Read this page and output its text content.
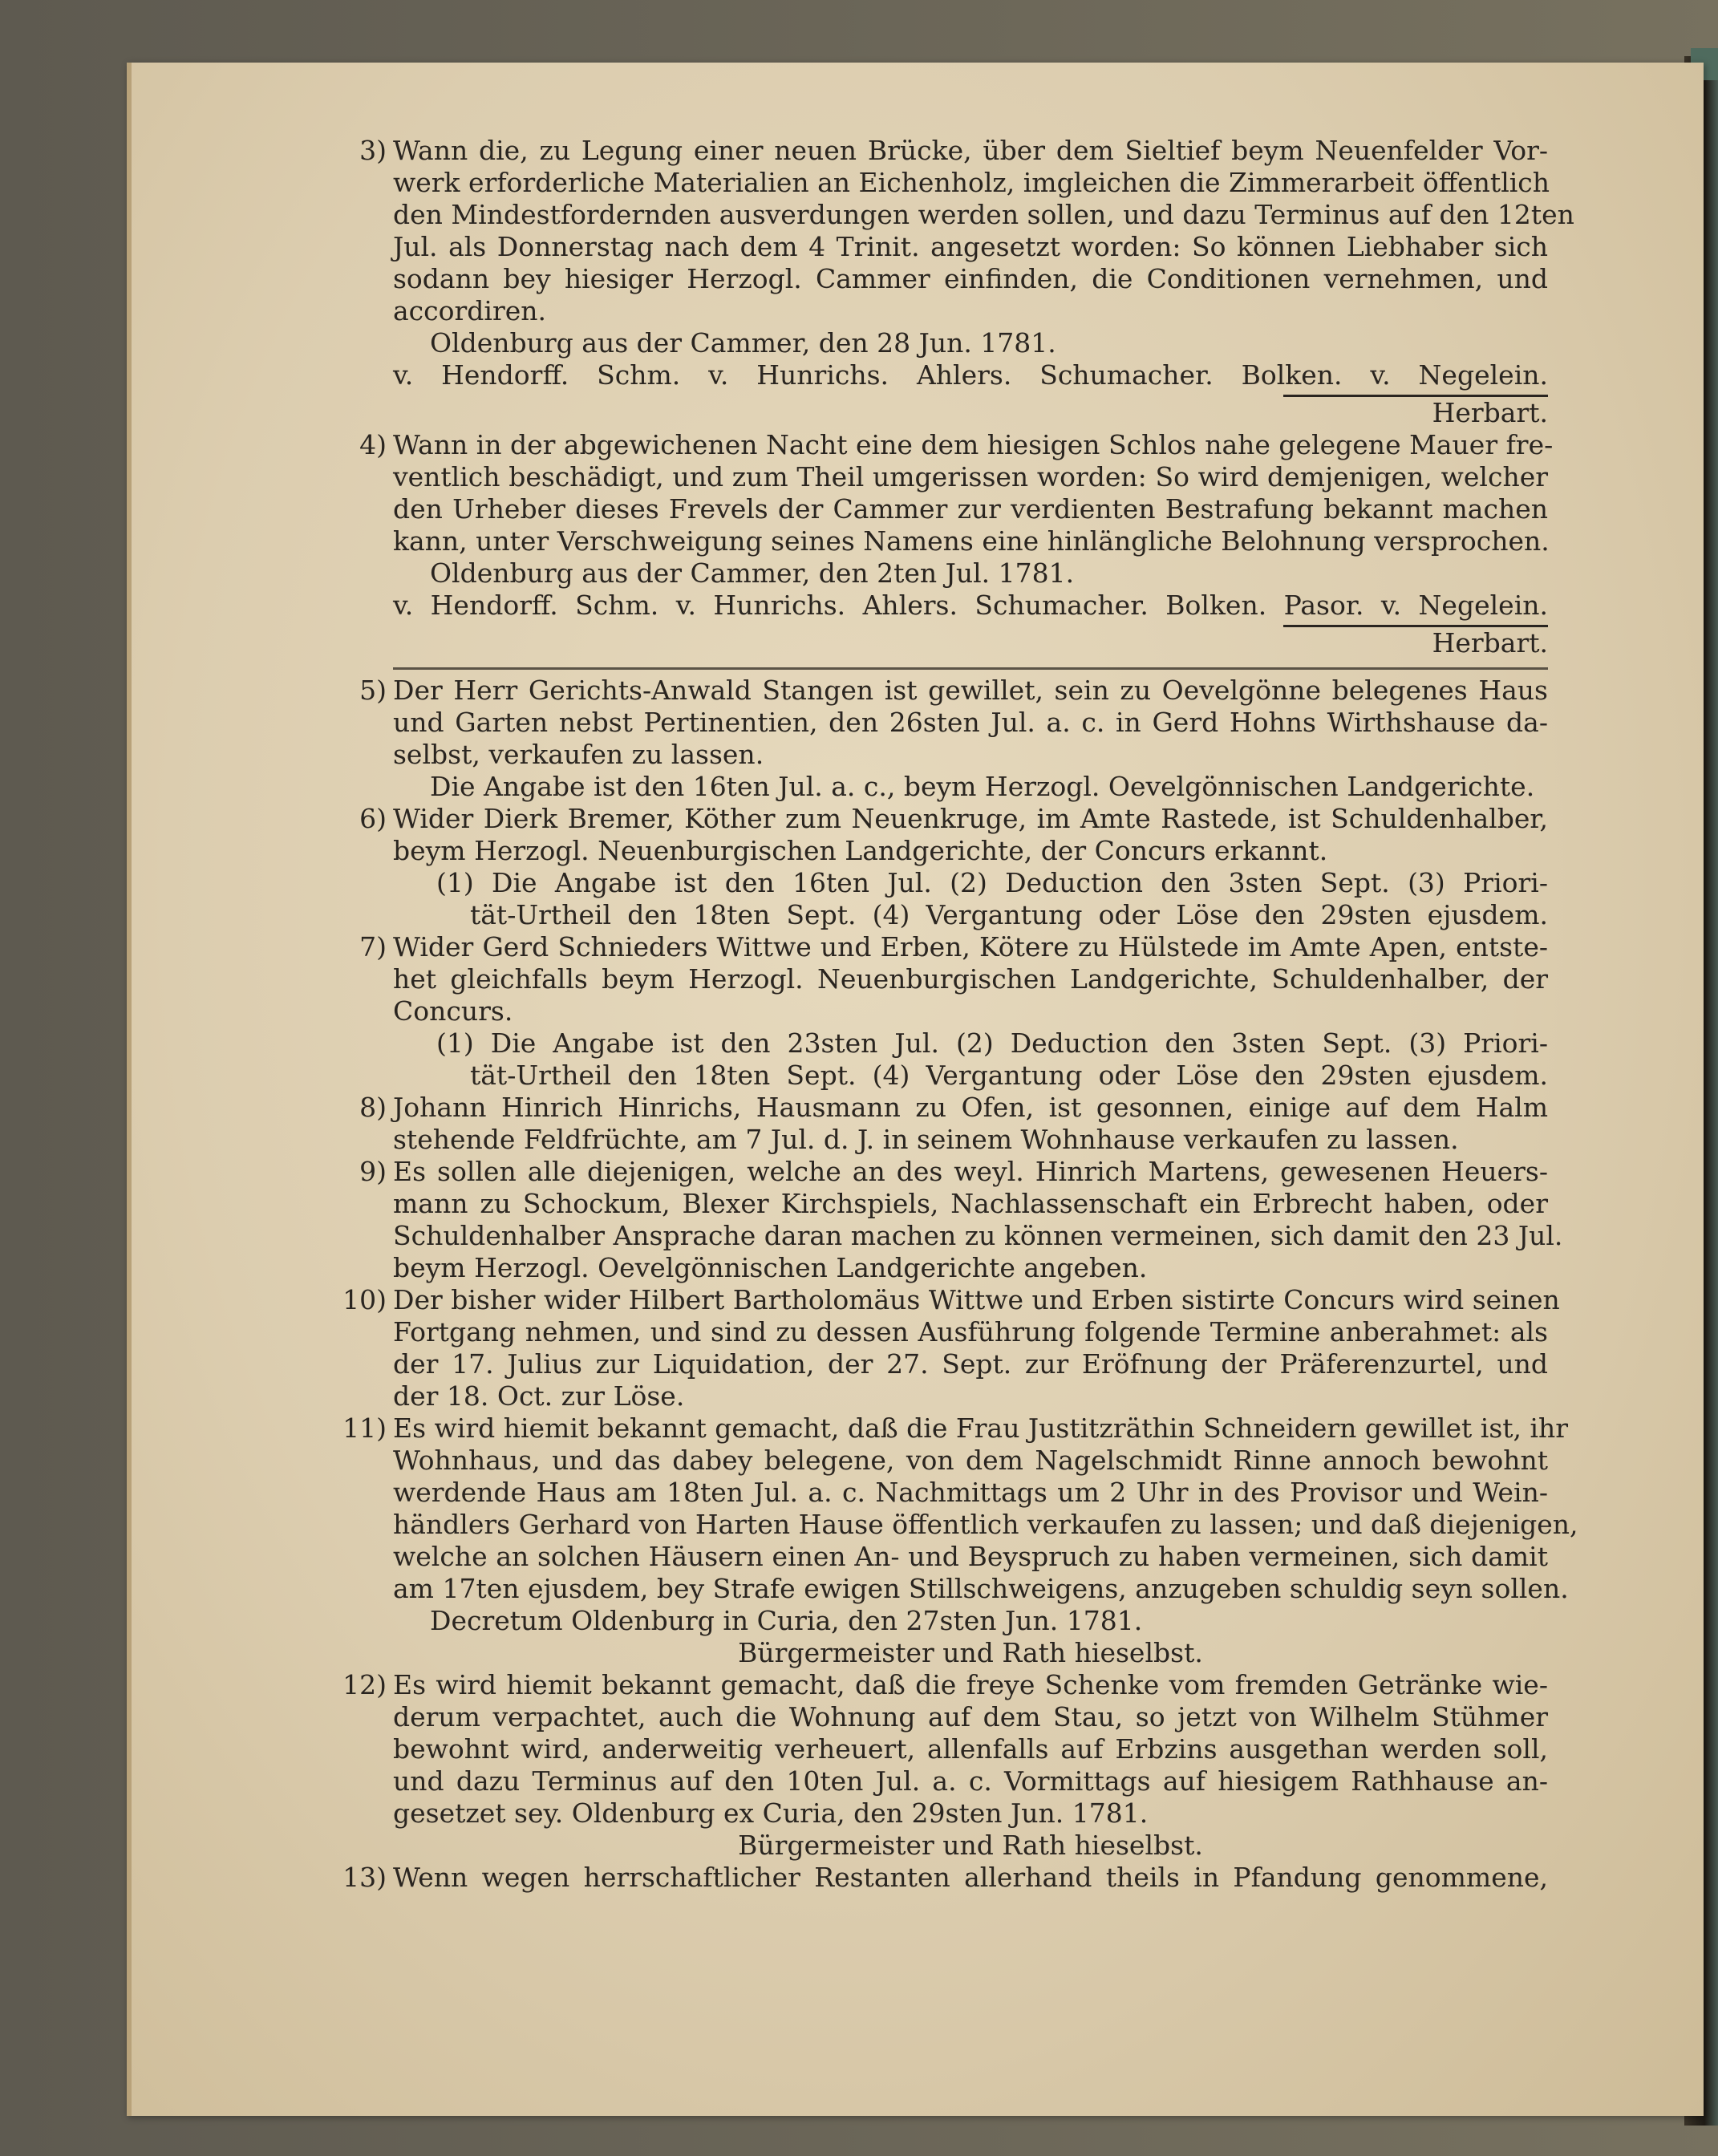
3) Wann die, zu Legung einer neuen Brücke, über dem Sieltief beym Neuenfelder Vor-
werk erforderliche Materialien an Eichenholz, imgleichen die Zimmerarbeit öffentlich
den Mindestfordernden ausverdungen werden sollen, und dazu Terminus auf den 12ten
Jul. als Donnerstag nach dem 4 Trinit. angesetzt worden: So können Liebhaber sich
sodann bey hiesiger Herzogl. Cammer einfinden, die Conditionen vernehmen, und
accordiren.
Oldenburg aus der Cammer, den 28 Jun. 1781.
v. Hendorff. Schm. v. Hunrichs. Ahlers. Schumacher. Bolken. v. Negelein.
Herbart.
4) Wann in der abgewichenen Nacht eine dem hiesigen Schlos nahe gelegene Mauer fre-
ventlich beschädigt, und zum Theil umgerissen worden: So wird demjenigen, welcher
den Urheber dieses Frevels der Cammer zur verdienten Bestrafung bekannt machen
kann, unter Verschweigung seines Namens eine hinlängliche Belohnung versprochen.
Oldenburg aus der Cammer, den 2ten Jul. 1781.
v. Hendorff. Schm. v. Hunrichs. Ahlers. Schumacher. Bolken. Pasor. v. Negelein.
Herbart.
5) Der Herr Gerichts-Anwald Stangen ist gewillet, sein zu Oevelgönne belegenes Haus
und Garten nebst Pertinentien, den 26sten Jul. a. c. in Gerd Hohns Wirthshause da-
selbst, verkaufen zu lassen.
Die Angabe ist den 16ten Jul. a. c., beym Herzogl. Oevelgönnischen Landgerichte.
6) Wider Dierk Bremer, Köther zum Neuenkruge, im Amte Rastede, ist Schuldenhalber,
beym Herzogl. Neuenburgischen Landgerichte, der Concurs erkannt.
(1) Die Angabe ist den 16ten Jul. (2) Deduction den 3sten Sept. (3) Priori-
tät-Urtheil den 18ten Sept. (4) Vergantung oder Löse den 29sten ejusdem.
7) Wider Gerd Schnieders Wittwe und Erben, Kötere zu Hülstede im Amte Apen, entste-
het gleichfalls beym Herzogl. Neuenburgischen Landgerichte, Schuldenhalber, der
Concurs.
(1) Die Angabe ist den 23sten Jul. (2) Deduction den 3sten Sept. (3) Priori-
tät-Urtheil den 18ten Sept. (4) Vergantung oder Löse den 29sten ejusdem.
8) Johann Hinrich Hinrichs, Hausmann zu Ofen, ist gesonnen, einige auf dem Halm
stehende Feldfrüchte, am 7 Jul. d. J. in seinem Wohnhause verkaufen zu lassen.
9) Es sollen alle diejenigen, welche an des weyl. Hinrich Martens, gewesenen Heuers-
mann zu Schockum, Blexer Kirchspiels, Nachlassenschaft ein Erbrecht haben, oder
Schuldenhalber Ansprache daran machen zu können vermeinen, sich damit den 23 Jul.
beym Herzogl. Oevelgönnischen Landgerichte angeben.
10) Der bisher wider Hilbert Bartholomäus Wittwe und Erben sistirte Concurs wird seinen
Fortgang nehmen, und sind zu dessen Ausführung folgende Termine anberahmet: als
der 17. Julius zur Liquidation, der 27. Sept. zur Eröfnung der Präferenzurtel, und
der 18. Oct. zur Löse.
11) Es wird hiemit bekannt gemacht, daß die Frau Justitzräthin Schneidern gewillet ist, ihr
Wohnhaus, und das dabey belegene, von dem Nagelschmidt Rinne annoch bewohnt
werdende Haus am 18ten Jul. a. c. Nachmittags um 2 Uhr in des Provisor und Wein-
händlers Gerhard von Harten Hause öffentlich verkaufen zu lassen; und daß diejenigen,
welche an solchen Häusern einen An- und Beyspruch zu haben vermeinen, sich damit
am 17ten ejusdem, bey Strafe ewigen Stillschweigens, anzugeben schuldig seyn sollen.
Decretum Oldenburg in Curia, den 27sten Jun. 1781.
Bürgermeister und Rath hieselbst.
12) Es wird hiemit bekannt gemacht, daß die freye Schenke vom fremden Getränke wie-
derum verpachtet, auch die Wohnung auf dem Stau, so jetzt von Wilhelm Stühmer
bewohnt wird, anderweitig verheuert, allenfalls auf Erbzins ausgethan werden soll,
und dazu Terminus auf den 10ten Jul. a. c. Vormittags auf hiesigem Rathhause an-
gesetzet sey. Oldenburg ex Curia, den 29sten Jun. 1781.
Bürgermeister und Rath hieselbst.
13) Wenn wegen herrschaftlicher Restanten allerhand theils in Pfandung genommene,
